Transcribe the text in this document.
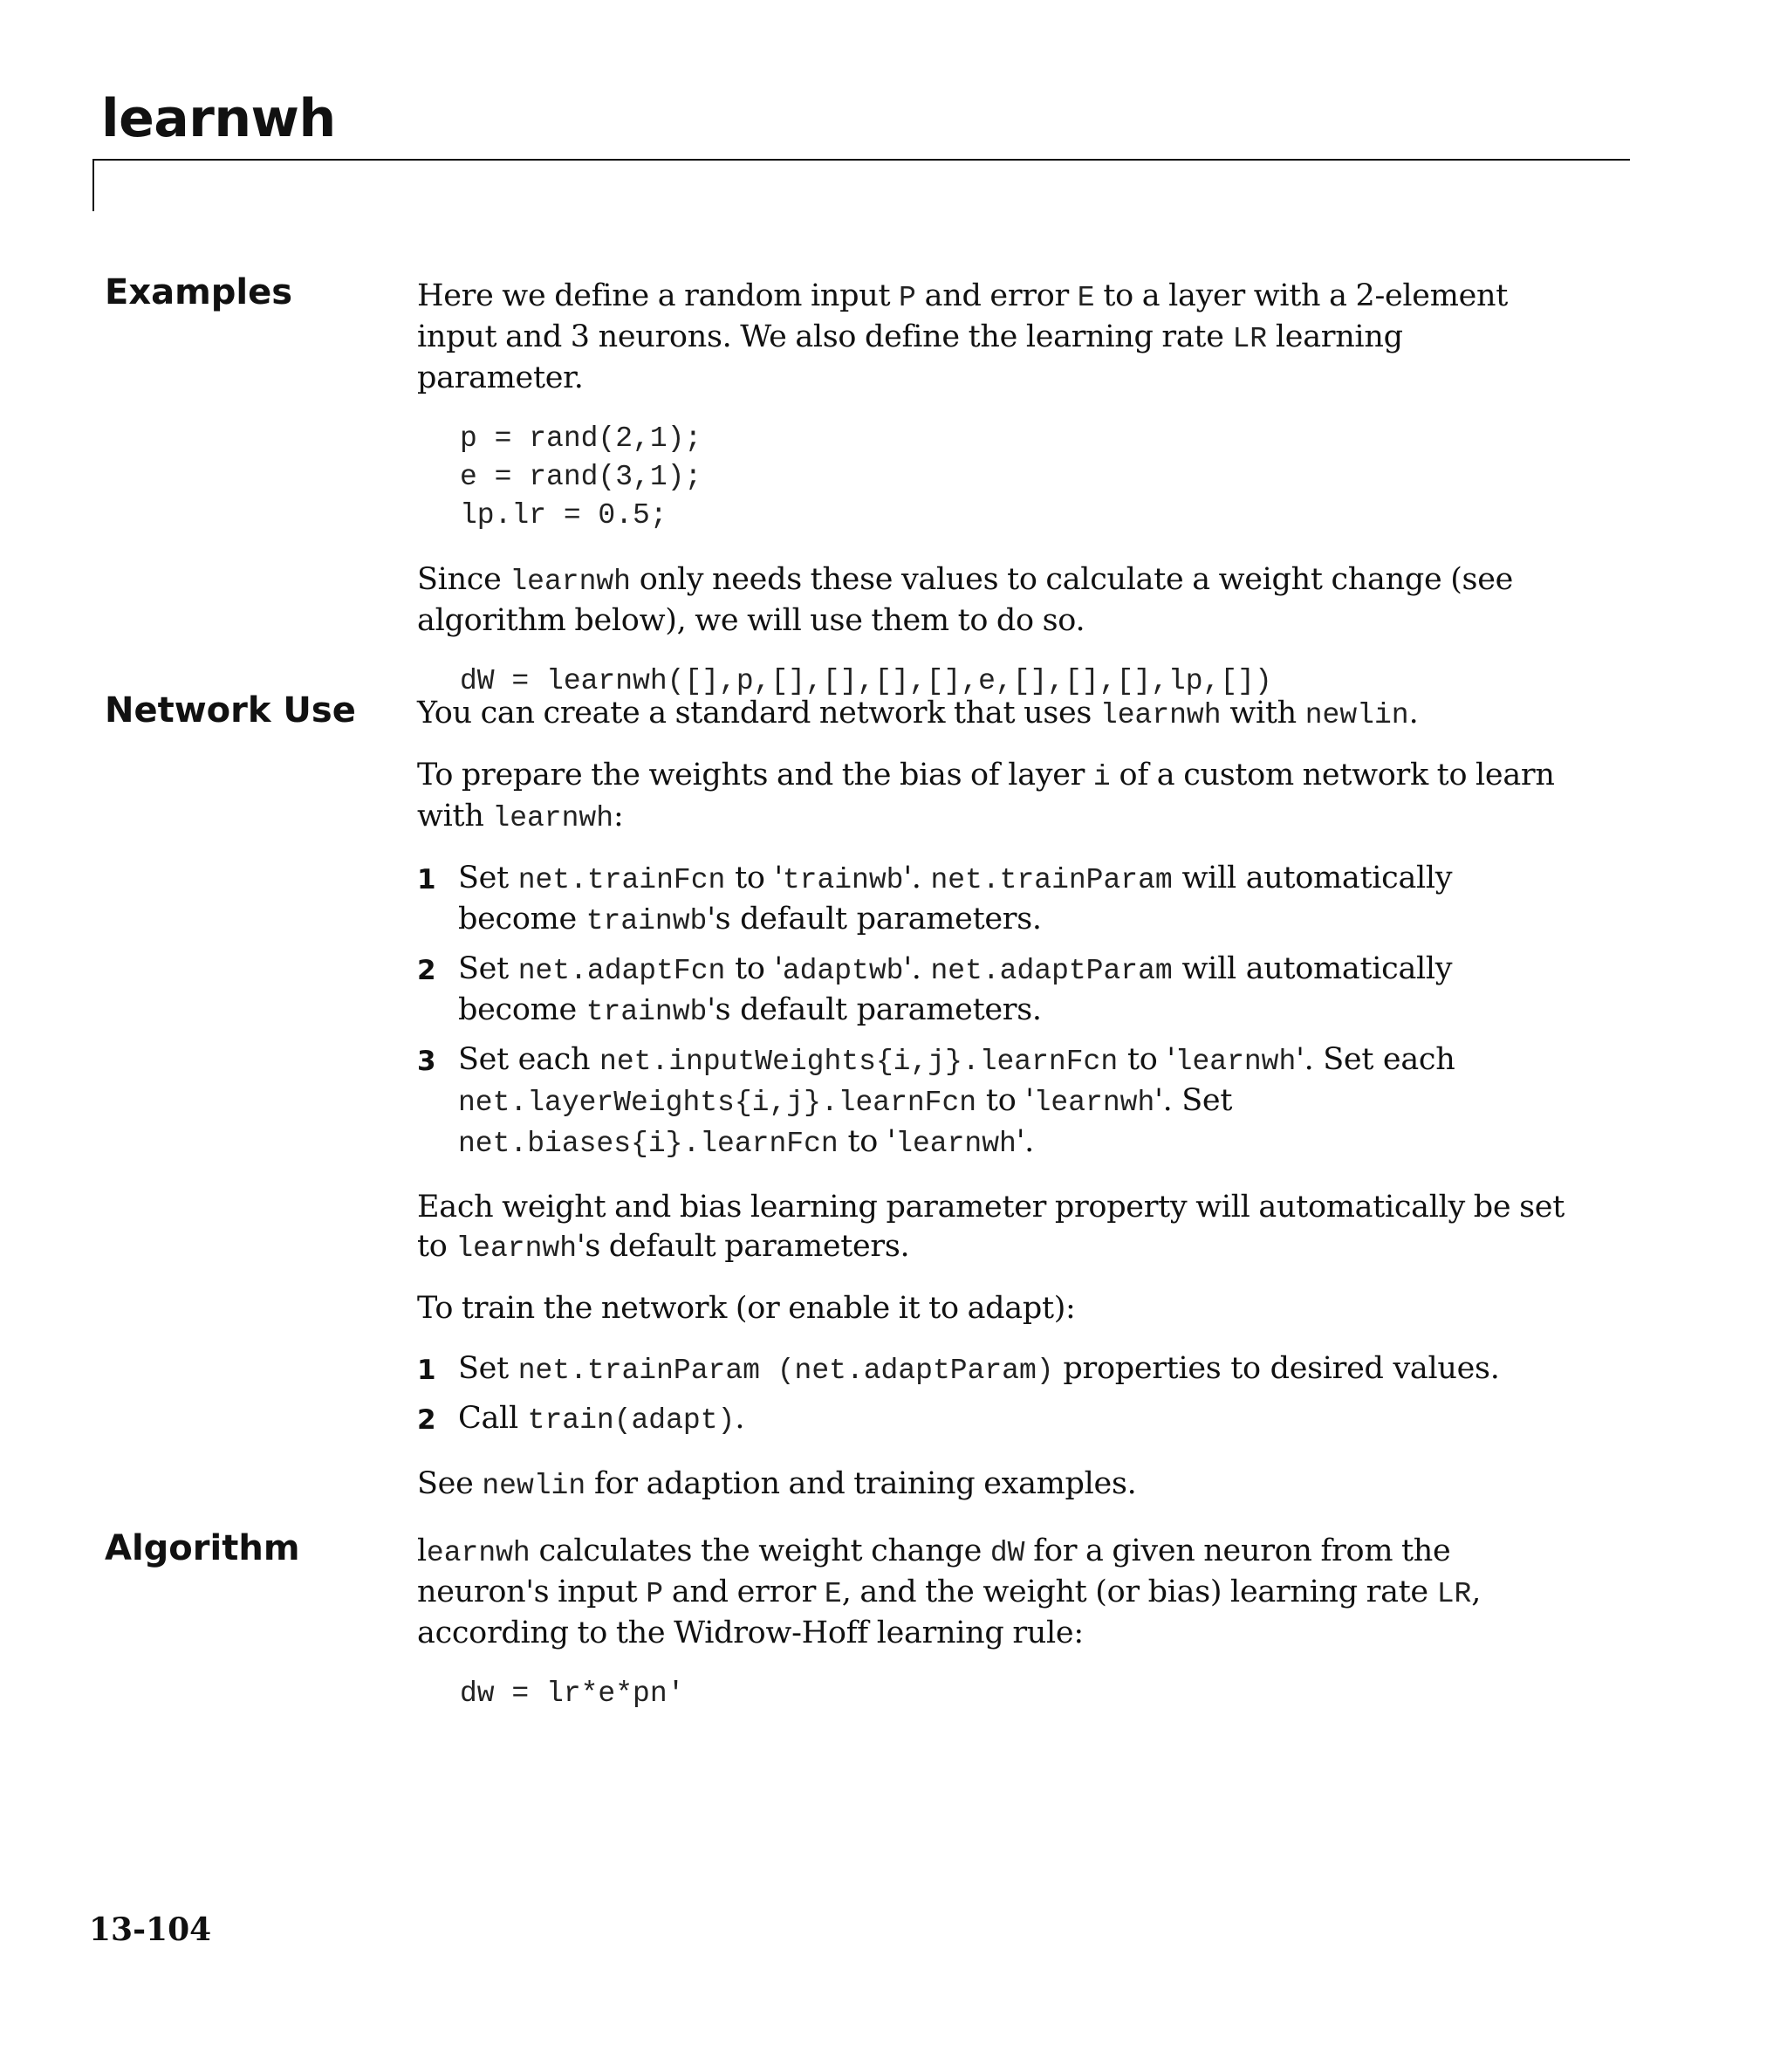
learnwh
Examples	Here we define a random input P and error E to a layer with a 2-element input and 3 neurons. We also define the learning rate LR learning parameter.

p = rand(2,1);
e = rand(3,1);
lp.lr = 0.5;

Since learnwh only needs these values to calculate a weight change (see algorithm below), we will use them to do so.

dW = learnwh([],p,[],[],[],[],e,[],[],[],lp,[])
Network Use You can create a standard network that uses learnwh with newlin.

To prepare the weights and the bias of layer i of a custom network to learn with learnwh:

1 Set net.trainFcn to 'trainwb'. net.trainParam will automatically become trainwb's default parameters.
2 Set net.adaptFcn to 'adaptwb'. net.adaptParam will automatically become trainwb's default parameters.
3 Set each net.inputWeights{i,j}.learnFcn to 'learnwh'. Set each net.layerWeights{i,j}.learnFcn to 'learnwh'. Set net.biases{i}.learnFcn to 'learnwh'.

Each weight and bias learning parameter property will automatically be set to learnwh's default parameters.

To train the network (or enable it to adapt):

1 Set net.trainParam (net.adaptParam) properties to desired values.
2 Call train(adapt).

See newlin for adaption and training examples.

Algorithm	learnwh calculates the weight change dW for a given neuron from the neuron's input P and error E, and the weight (or bias) learning rate LR, according to the Widrow-Hoff learning rule:

dw = lr*e*pn'

13-104
